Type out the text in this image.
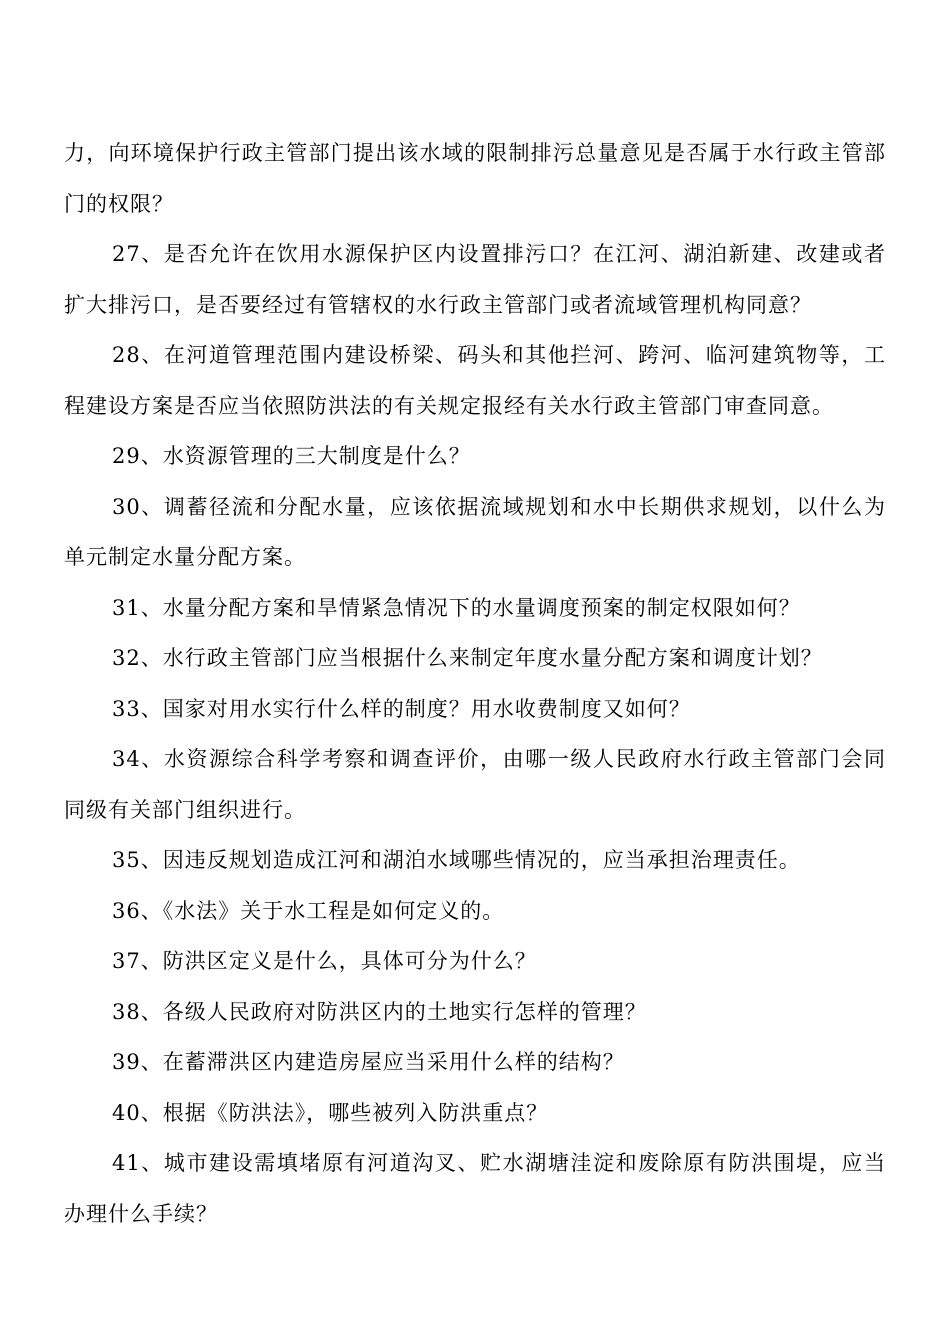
力，向环境保护行政主管部门提出该水域的限制排污总量意见是否属于水行政主管部门的权限？

27、是否允许在饮用水源保护区内设置排污口？在江河、湖泊新建、改建或者扩大排污口，是否要经过有管辖权的水行政主管部门或者流域管理机构同意？

28、在河道管理范围内建设桥梁、码头和其他拦河、跨河、临河建筑物等，工程建设方案是否应当依照防洪法的有关规定报经有关水行政主管部门审查同意。

29、水资源管理的三大制度是什么？

30、调蓄径流和分配水量，应该依据流域规划和水中长期供求规划，以什么为单元制定水量分配方案。

31、水量分配方案和旱情紧急情况下的水量调度预案的制定权限如何？

32、水行政主管部门应当根据什么来制定年度水量分配方案和调度计划？

33、国家对用水实行什么样的制度？用水收费制度又如何？

34、水资源综合科学考察和调查评价，由哪一级人民政府水行政主管部门会同同级有关部门组织进行。

35、因违反规划造成江河和湖泊水域哪些情况的，应当承担治理责任。

36、《水法》关于水工程是如何定义的。

37、防洪区定义是什么，具体可分为什么？

38、各级人民政府对防洪区内的土地实行怎样的管理？

39、在蓄滞洪区内建造房屋应当采用什么样的结构？

40、根据《防洪法》，哪些被列入防洪重点？

41、城市建设需填堵原有河道沟叉、贮水湖塘洼淀和废除原有防洪围堤，应当办理什么手续？
